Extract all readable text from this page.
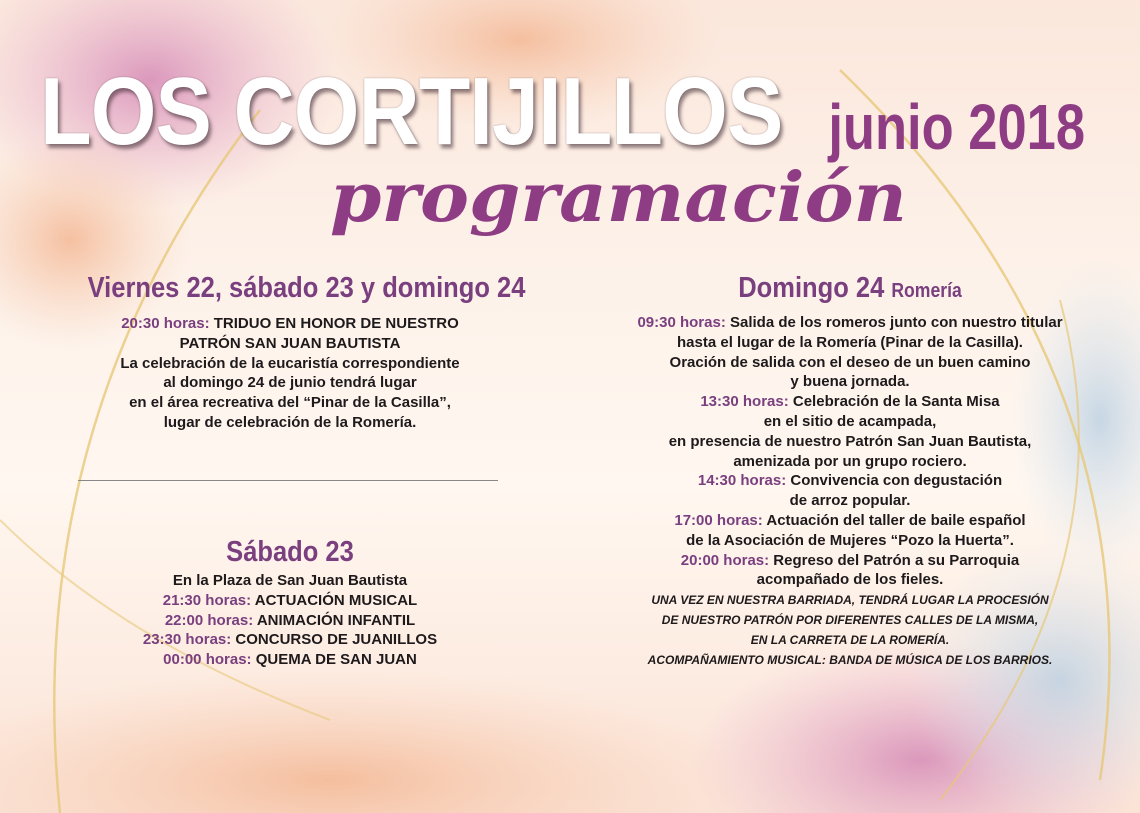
LOS CORTIJILLOS junio 2018
programación
Viernes 22, sábado 23 y domingo 24

20:30 horas: TRIDUO EN HONOR DE NUESTRO

PATRÓN SAN JUAN BAUTISTA

La celebración de la eucaristía correspondiente

al domingo 24 de junio tendrá lugar

en el área recreativa del “Pinar de la Casilla”,

lugar de celebración de la Romería.

Sábado 23

En la Plaza de San Juan Bautista

21:30 horas: ACTUACIÓN MUSICAL

22:00 horas: ANIMACIÓN INFANTIL

23:30 horas: CONCURSO DE JUANILLOS

00:00 horas: QUEMA DE SAN JUAN

Domingo 24 Romería

09:30 horas: Salida de los romeros junto con nuestro titular

hasta el lugar de la Romería (Pinar de la Casilla).

Oración de salida con el deseo de un buen camino

y buena jornada.

13:30 horas: Celebración de la Santa Misa

en el sitio de acampada,

en presencia de nuestro Patrón San Juan Bautista,

amenizada por un grupo rociero.

14:30 horas: Convivencia con degustación

de arroz popular.

17:00 horas: Actuación del taller de baile español

de la Asociación de Mujeres “Pozo la Huerta”.

20:00 horas: Regreso del Patrón a su Parroquia

acompañado de los fieles.

UNA VEZ EN NUESTRA BARRIADA, TENDRÁ LUGAR LA PROCESIÓN

DE NUESTRO PATRÓN POR DIFERENTES CALLES DE LA MISMA,

EN LA CARRETA DE LA ROMERÍA.

ACOMPAÑAMIENTO MUSICAL: BANDA DE MÚSICA DE LOS BARRIOS.
